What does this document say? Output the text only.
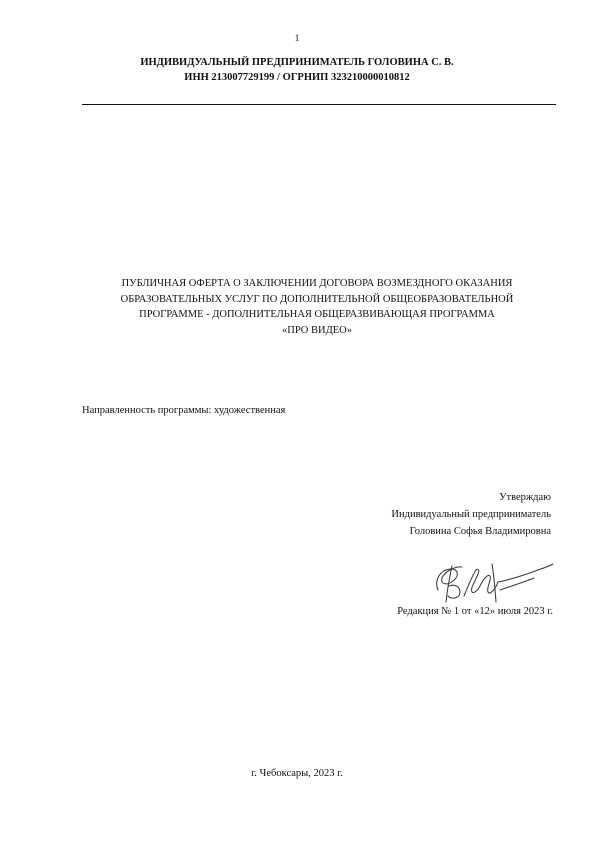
1
ИНДИВИДУАЛЬНЫЙ ПРЕДПРИНИМАТЕЛЬ ГОЛОВИНА С. В.
ИНН 213007729199 / ОГРНИП 323210000010812
ПУБЛИЧНАЯ ОФЕРТА О ЗАКЛЮЧЕНИИ ДОГОВОРА ВОЗМЕЗДНОГО ОКАЗАНИЯ
ОБРАЗОВАТЕЛЬНЫХ УСЛУГ ПО ДОПОЛНИТЕЛЬНОЙ ОБЩЕОБРАЗОВАТЕЛЬНОЙ
ПРОГРАММЕ - ДОПОЛНИТЕЛЬНАЯ ОБЩЕРАЗВИВАЮЩАЯ ПРОГРАММА
«ПРО ВИДЕО»
Направленность программы: художественная
Утверждаю
Индивидуальный предприниматель
Головина Софья Владимировна
Редакция № 1 от «12» июля 2023 г.
г. Чебоксары, 2023 г.
